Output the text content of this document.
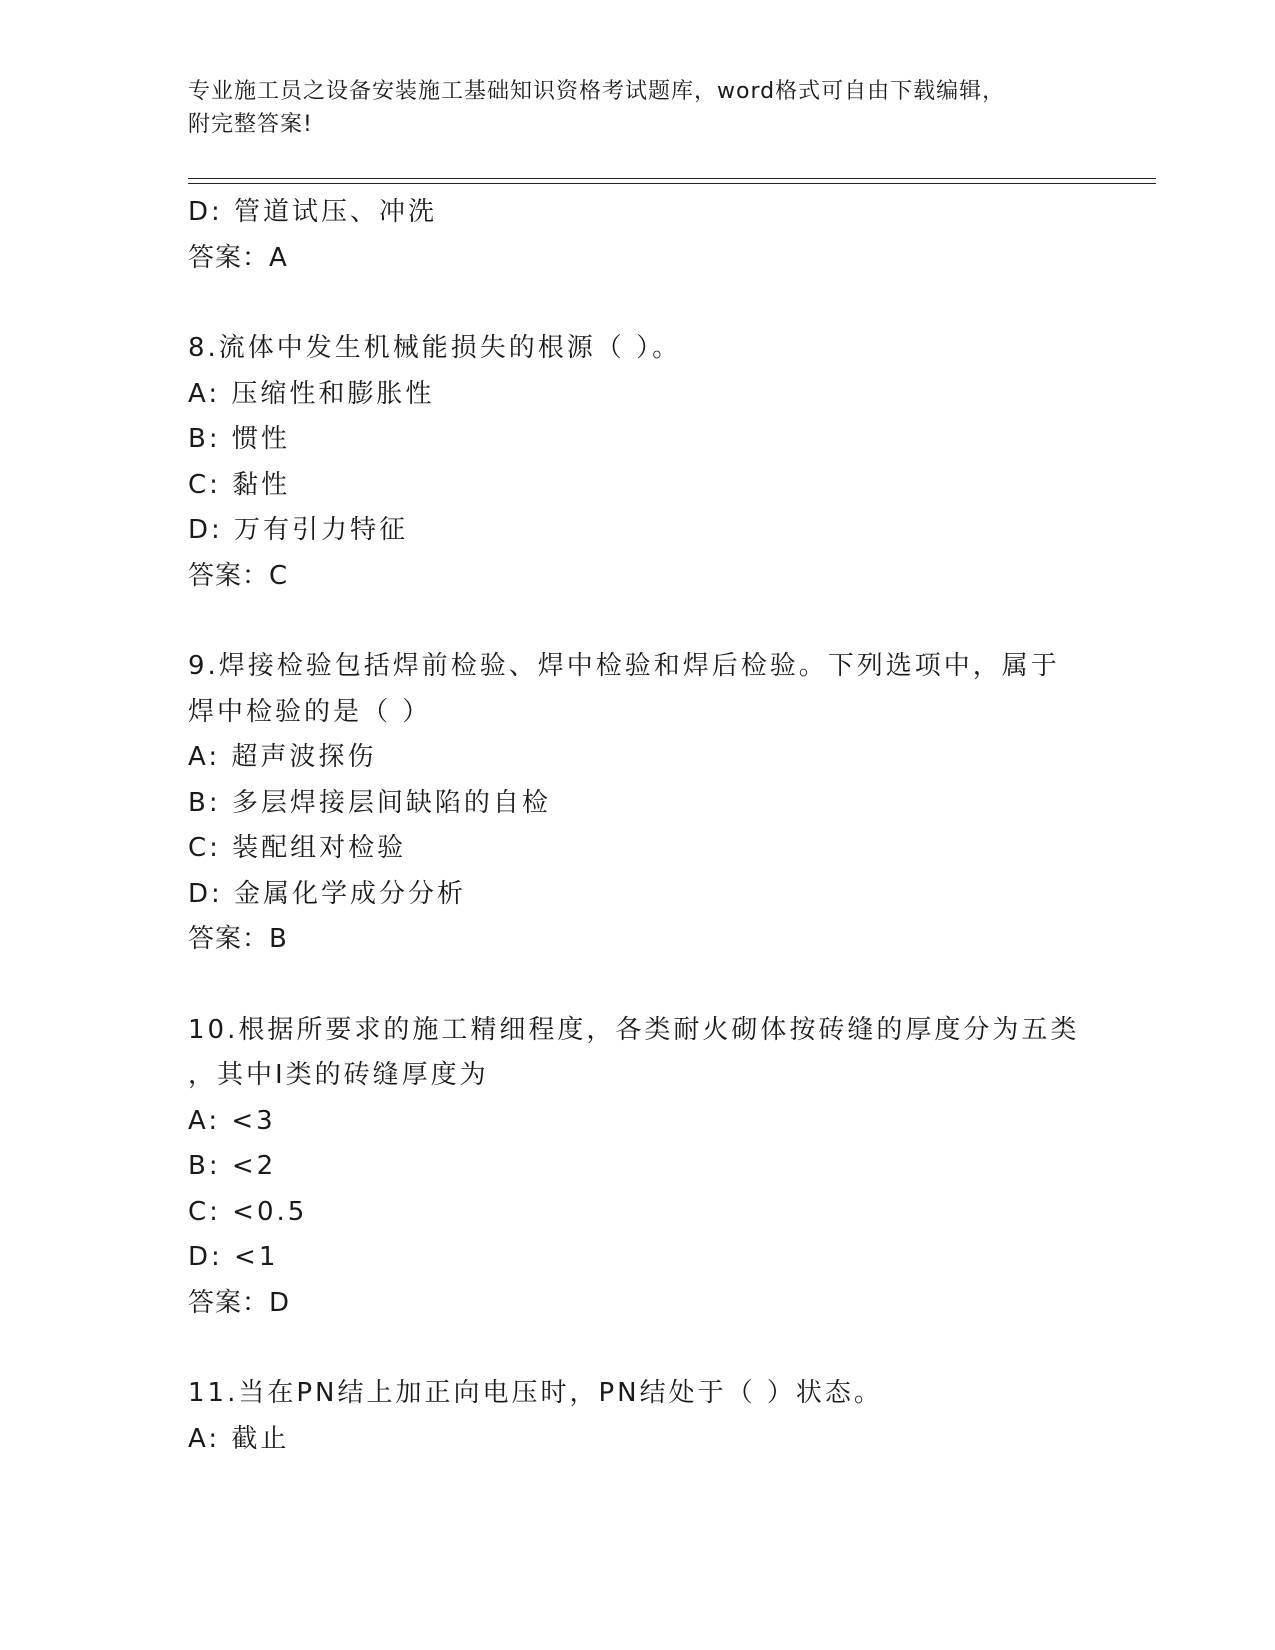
专业施工员之设备安装施工基础知识资格考试题库，word格式可自由下载编辑，
附完整答案!
D: 管道试压、冲洗
答案：A
8.流体中发生机械能损失的根源（ ）。
A: 压缩性和膨胀性
B: 惯性
C: 黏性
D: 万有引力特征
答案：C
9.焊接检验包括焊前检验、焊中检验和焊后检验。下列选项中，属于
焊中检验的是（ ）
A: 超声波探伤
B: 多层焊接层间缺陷的自检
C: 装配组对检验
D: 金属化学成分分析
答案：B
10.根据所要求的施工精细程度，各类耐火砌体按砖缝的厚度分为五类
，其中Ⅰ类的砖缝厚度为
A: <3
B: <2
C: <0.5
D: <1
答案：D
11.当在PN结上加正向电压时，PN结处于（ ）状态。
A: 截止
